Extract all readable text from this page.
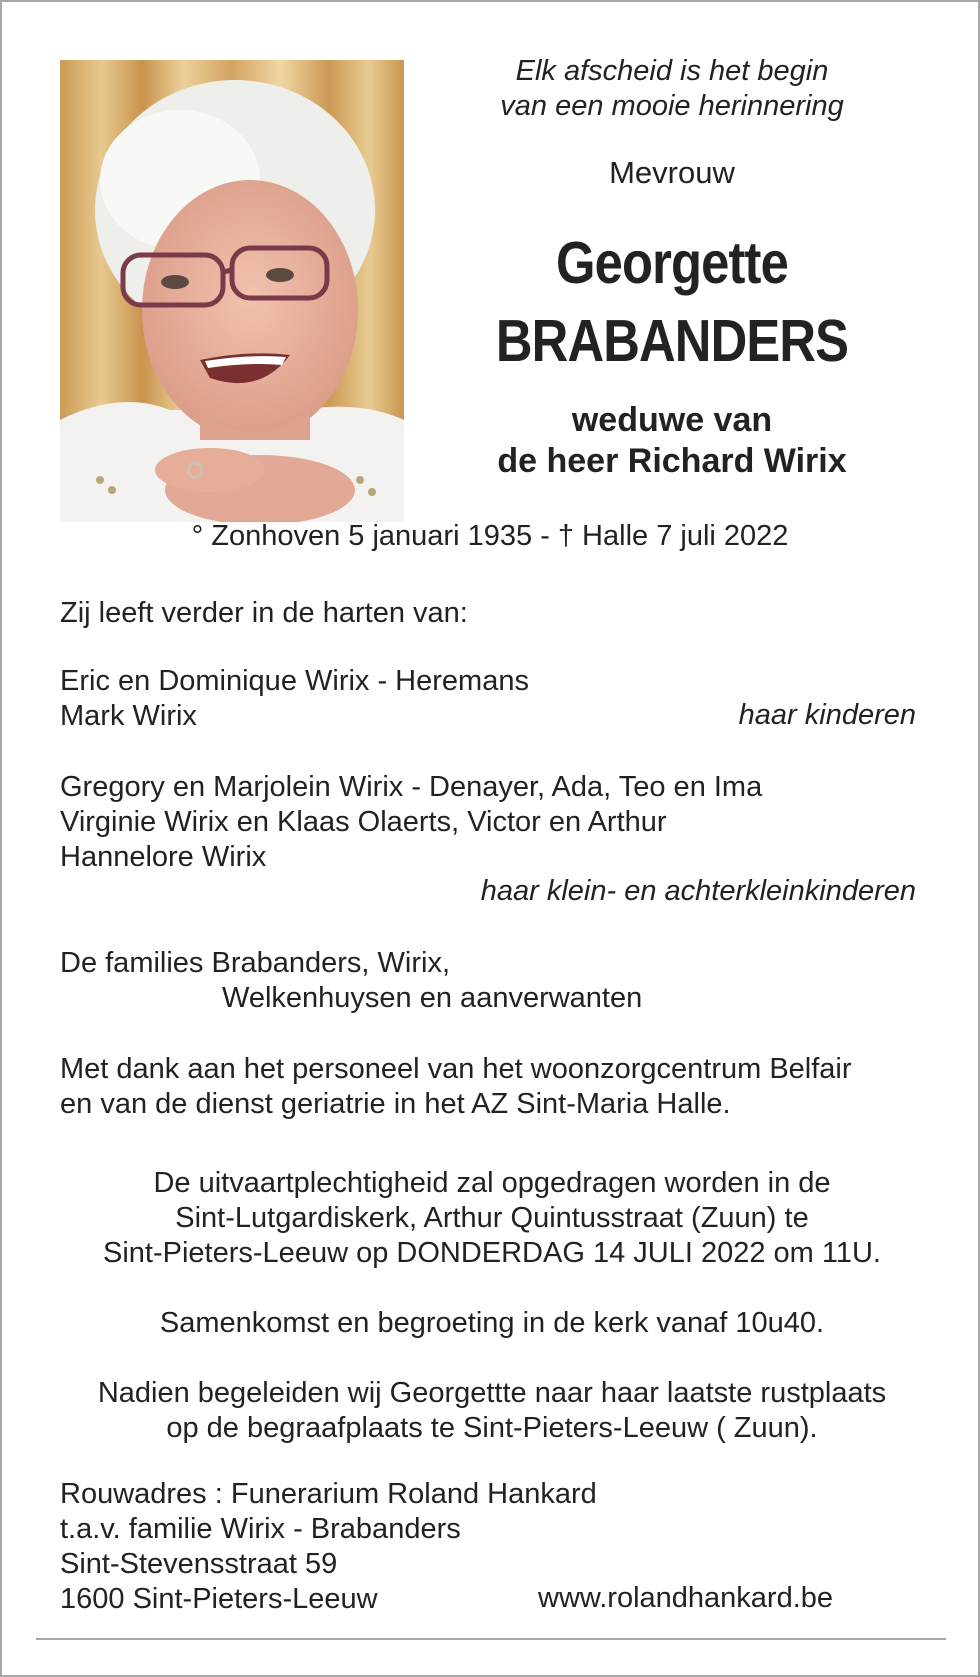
Elk afscheid is het begin
van een mooie herinnering
Mevrouw
Georgette
BRABANDERS
weduwe van
de heer Richard Wirix
° Zonhoven 5 januari 1935 - † Halle 7 juli 2022
Zij leeft verder in de harten van:
Eric en Dominique Wirix - Heremans
Mark Wirix	haar kinderen
Gregory en Marjolein Wirix - Denayer, Ada, Teo en Ima
Virginie Wirix en Klaas Olaerts, Victor en Arthur
Hannelore Wirix
haar klein- en achterkleinkinderen
De families Brabanders, Wirix,
Welkenhuysen en aanverwanten
Met dank aan het personeel van het woonzorgcentrum Belfair
en van de dienst geriatrie in het AZ Sint-Maria Halle.
De uitvaartplechtigheid zal opgedragen worden in de
Sint-Lutgardiskerk, Arthur Quintusstraat (Zuun) te
Sint-Pieters-Leeuw op DONDERDAG 14 JULI 2022 om 11U.
Samenkomst en begroeting in de kerk vanaf 10u40.
Nadien begeleiden wij Georgettte naar haar laatste rustplaats
op de begraafplaats te Sint-Pieters-Leeuw ( Zuun).
Rouwadres : Funerarium Roland Hankard
t.a.v. familie Wirix - Brabanders
Sint-Stevensstraat 59
1600 Sint-Pieters-Leeuw	www.rolandhankard.be
